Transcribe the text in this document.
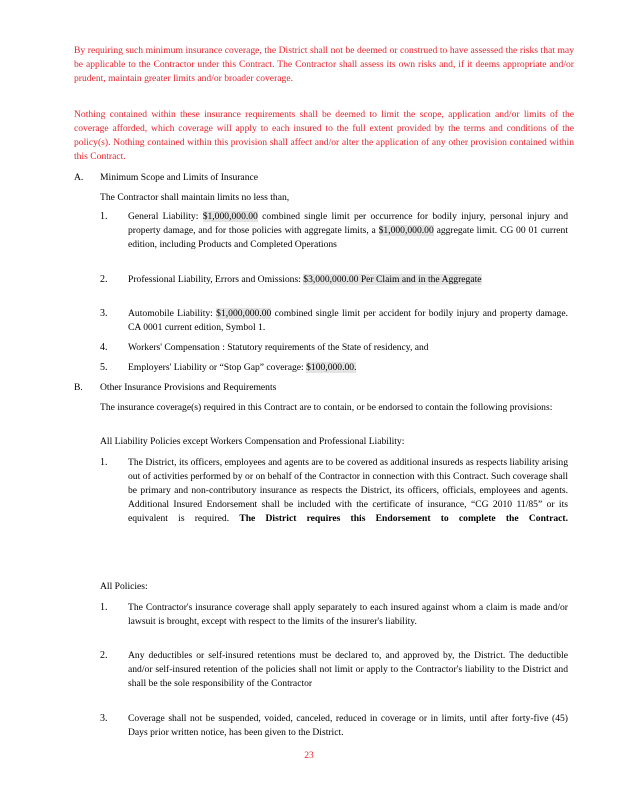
By requiring such minimum insurance coverage, the District shall not be deemed or construed to have assessed the risks that may be applicable to the Contractor under this Contract. The Contractor shall assess its own risks and, if it deems appropriate and/or prudent, maintain greater limits and/or broader coverage.

Nothing contained within these insurance requirements shall be deemed to limit the scope, application and/or limits of the coverage afforded, which coverage will apply to each insured to the full extent provided by the terms and conditions of the policy(s). Nothing contained within this provision shall affect and/or alter the application of any other provision contained within this Contract.

A. Minimum Scope and Limits of Insurance
The Contractor shall maintain limits no less than,
1. General Liability: $1,000,000.00 combined single limit per occurrence for bodily injury, personal injury and property damage, and for those policies with aggregate limits, a $1,000,000.00 aggregate limit. CG 00 01 current edition, including Products and Completed Operations

2. Professional Liability, Errors and Omissions: $3,000,000.00 Per Claim and in the Aggregate

3. Automobile Liability: $1,000,000.00 combined single limit per accident for bodily injury and property damage. CA 0001 current edition, Symbol 1.

4. Workers' Compensation : Statutory requirements of the State of residency, and

5. Employers' Liability or “Stop Gap” coverage: $100,000.00.

B. Other Insurance Provisions and Requirements

The insurance coverage(s) required in this Contract are to contain, or be endorsed to contain the following provisions:

All Liability Policies except Workers Compensation and Professional Liability:
1. The District, its officers, employees and agents are to be covered as additional insureds as respects liability arising out of activities performed by or on behalf of the Contractor in connection with this Contract. Such coverage shall be primary and non-contributory insurance as respects the District, its officers, officials, employees and agents. Additional Insured Endorsement shall be included with the certificate of insurance, “CG 2010 11/85” or its equivalent is required. The District requires this Endorsement to complete the Contract.

All Policies:
1. The Contractor's insurance coverage shall apply separately to each insured against whom a claim is made and/or lawsuit is brought, except with respect to the limits of the insurer's liability.

2. Any deductibles or self-insured retentions must be declared to, and approved by, the District. The deductible and/or self-insured retention of the policies shall not limit or apply to the Contractor's liability to the District and shall be the sole responsibility of the Contractor

3. Coverage shall not be suspended, voided, canceled, reduced in coverage or in limits, until after forty-five (45) Days prior written notice, has been given to the District.

23
